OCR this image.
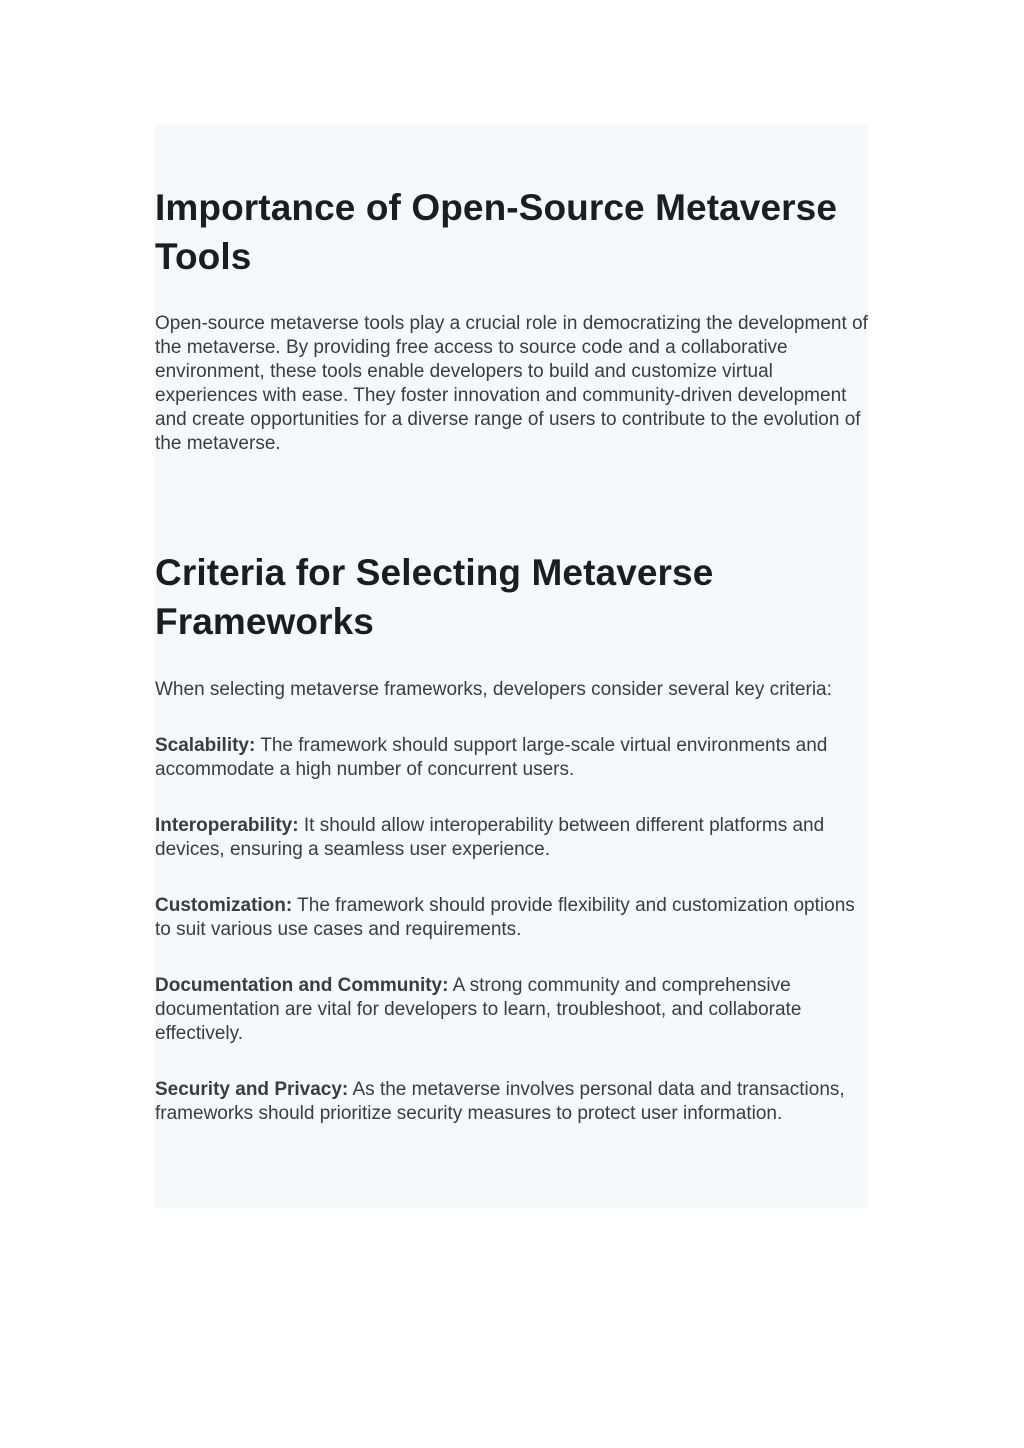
Importance of Open-Source Metaverse Tools

Open-source metaverse tools play a crucial role in democratizing the development of the metaverse. By providing free access to source code and a collaborative environment, these tools enable developers to build and customize virtual experiences with ease. They foster innovation and community-driven development and create opportunities for a diverse range of users to contribute to the evolution of the metaverse.

Criteria for Selecting Metaverse Frameworks

When selecting metaverse frameworks, developers consider several key criteria:

Scalability: The framework should support large-scale virtual environments and accommodate a high number of concurrent users.

Interoperability: It should allow interoperability between different platforms and devices, ensuring a seamless user experience.

Customization: The framework should provide flexibility and customization options to suit various use cases and requirements.

Documentation and Community: A strong community and comprehensive documentation are vital for developers to learn, troubleshoot, and collaborate effectively.

Security and Privacy: As the metaverse involves personal data and transactions, frameworks should prioritize security measures to protect user information.
